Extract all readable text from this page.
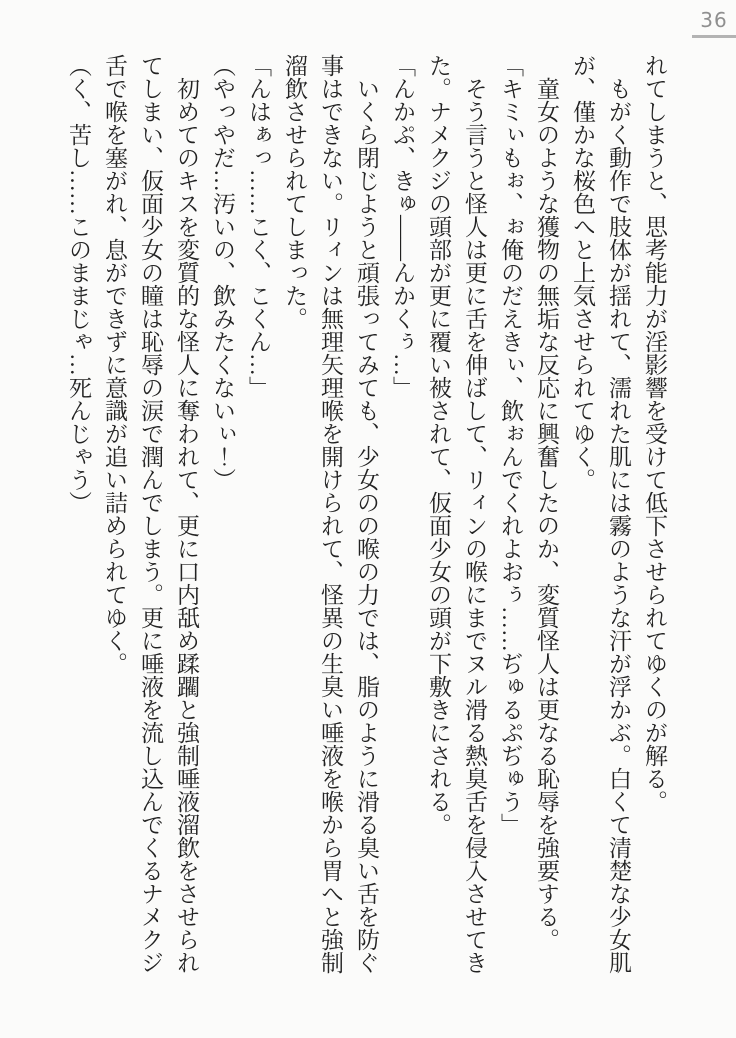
36
れてしまうと、思考能力が淫影響を受けて低下させられてゆくのが解る。
もがく動作で肢体が揺れて、濡れた肌には霧のような汗が浮かぶ。白くて清楚な少女肌
が、僅かな桜色へと上気させられてゆく。
童女のような獲物の無垢な反応に興奮したのか、変質怪人は更なる恥辱を強要する。
「キミぃもぉ、ぉ俺のだえきぃ、飲ぉんでくれよおぅ……ぢゅるぷぢゅう」
そう言うと怪人は更に舌を伸ばして、リィンの喉にまでヌル滑る熱臭舌を侵入させてき
た。ナメクジの頭部が更に覆い被されて、仮面少女の頭が下敷きにされる。
「んかぷ、きゅ――んかくぅ…」
いくら閉じようと頑張ってみても、少女のの喉の力では、脂のように滑る臭い舌を防ぐ
事はできない。リィンは無理矢理喉を開けられて、怪異の生臭い唾液を喉から胃へと強制
溜飲させられてしまった。
「んはぁっ……こく、こくん…」
（やっやだ…汚いの、飲みたくないぃ！）
初めてのキスを変質的な怪人に奪われて、更に口内舐め蹂躙と強制唾液溜飲をさせられ
てしまい、仮面少女の瞳は恥辱の涙で潤んでしまう。更に唾液を流し込んでくるナメクジ
舌で喉を塞がれ、息ができずに意識が追い詰められてゆく。
（く、苦し……このままじゃ…死んじゃう）
